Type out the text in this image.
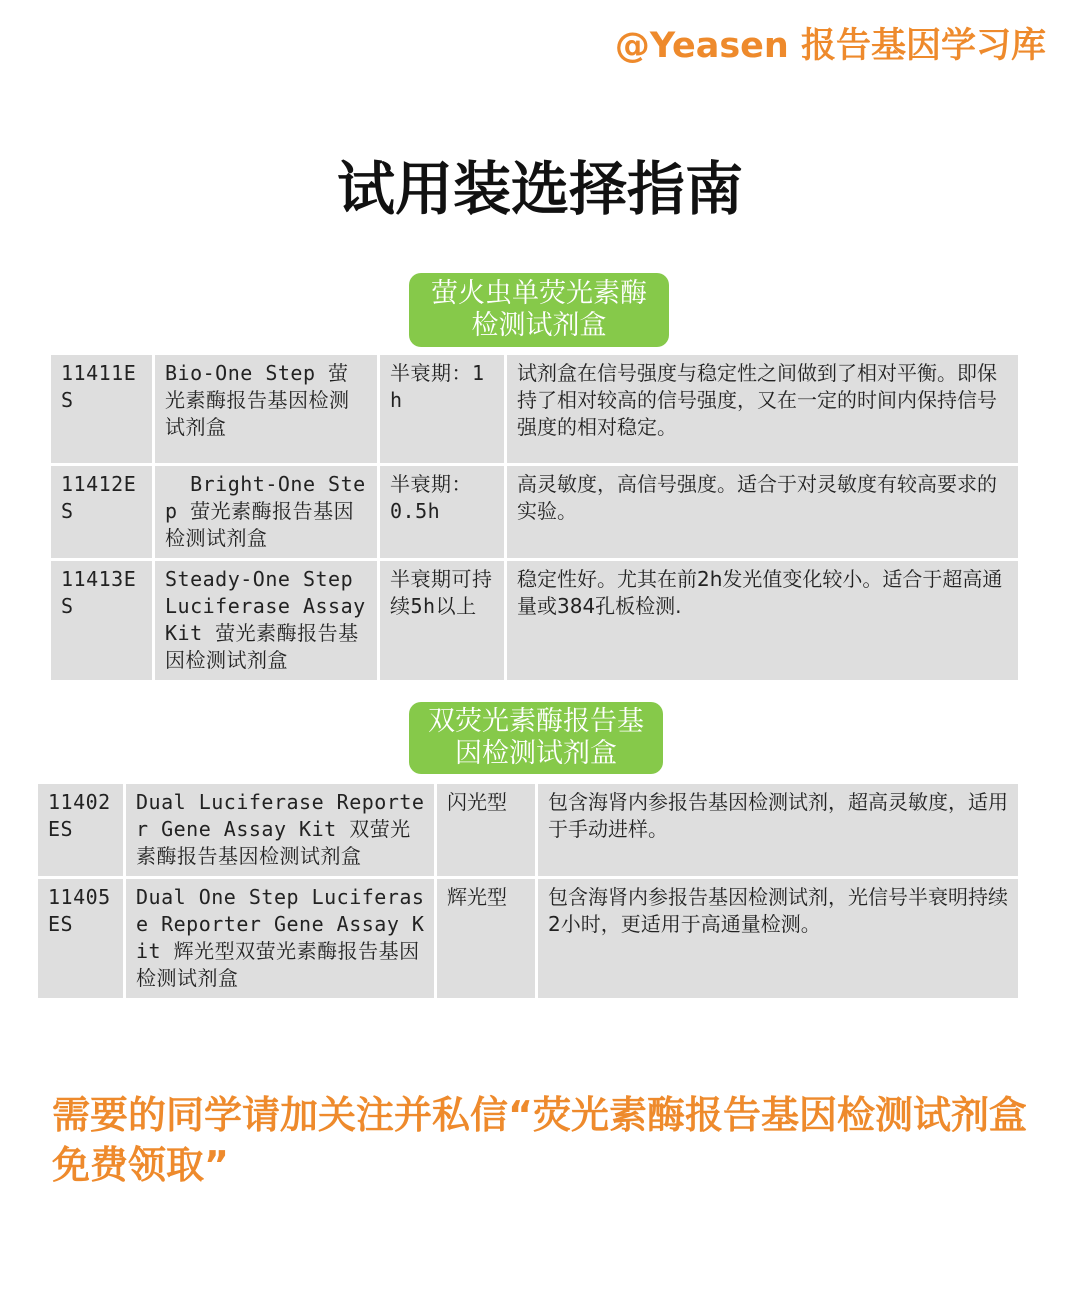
@Yeasen 报告基因学习库
试用装选择指南
萤火虫单荧光素酶
检测试剂盒
11411ES	Bio-One Step 萤光素酶报告基因检测试剂盒	半衰期：1h	试剂盒在信号强度与稳定性之间做到了相对平衡。即保持了相对较高的信号强度，又在一定的时间内保持信号强度的相对稳定。
11412ES	Bright-One Step 萤光素酶报告基因检测试剂盒	半衰期：0.5h	高灵敏度，高信号强度。适合于对灵敏度有较高要求的实验。
11413ES	Steady-One Step Luciferase Assay Kit 萤光素酶报告基因检测试剂盒	半衰期可持续5h以上	稳定性好。尤其在前2h发光值变化较小。适合于超高通量或384孔板检测.
双荧光素酶报告基
因检测试剂盒
11402ES	Dual Luciferase Reporter Gene Assay Kit 双萤光素酶报告基因检测试剂盒	闪光型	包含海肾内参报告基因检测试剂，超高灵敏度，适用于手动进样。
11405ES	Dual One Step Luciferase Reporter Gene Assay Kit 辉光型双萤光素酶报告基因检测试剂盒	辉光型	包含海肾内参报告基因检测试剂，光信号半衰明持续2小时，更适用于高通量检测。
需要的同学请加关注并私信“荧光素酶报告基因检测试剂盒免费领取”
